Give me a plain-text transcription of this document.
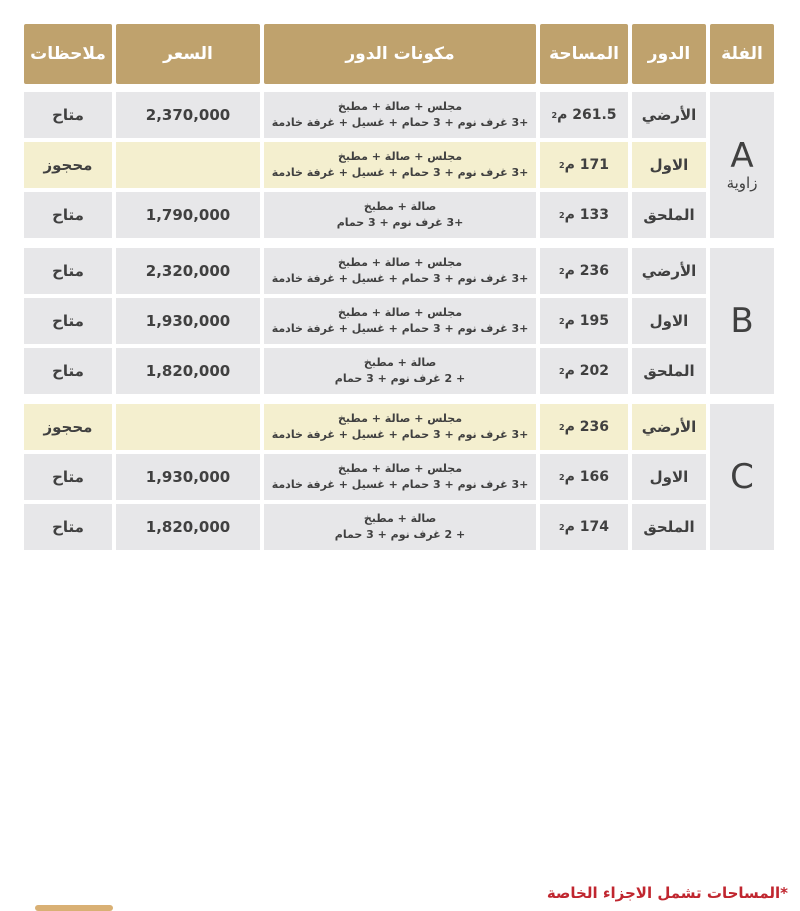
الفلة
الدور
المساحة
مكونات الدور
السعر
ملاحظات
A
زاوية
الأرضي
261.5 م
2
مجلس + صالة + مطبخ
+3 غرف نوم + 3 حمام + غسيل + غرفة خادمة
2,370,000
متاح
الاول
171 م
2
مجلس + صالة + مطبخ
+3 غرف نوم + 3 حمام + غسيل + غرفة خادمة
محجوز
الملحق
133 م
2
صالة + مطبخ
+3 غرف نوم + 3 حمام
1,790,000
متاح
B
الأرضي
236 م
2
مجلس + صالة + مطبخ
+3 غرف نوم + 3 حمام + غسيل + غرفة خادمة
2,320,000
متاح
الاول
195 م
2
مجلس + صالة + مطبخ
+3 غرف نوم + 3 حمام + غسيل + غرفة خادمة
1,930,000
متاح
الملحق
202 م
2
صالة + مطبخ
+ 2 غرف نوم + 3 حمام
1,820,000
متاح
C
الأرضي
236 م
2
مجلس + صالة + مطبخ
+3 غرف نوم + 3 حمام + غسيل + غرفة خادمة
محجوز
الاول
166 م
2
مجلس + صالة + مطبخ
+3 غرف نوم + 3 حمام + غسيل + غرفة خادمة
1,930,000
متاح
الملحق
174 م
2
صالة + مطبخ
+ 2 غرف نوم + 3 حمام
1,820,000
متاح
*المساحات تشمل الاجزاء الخاصة
